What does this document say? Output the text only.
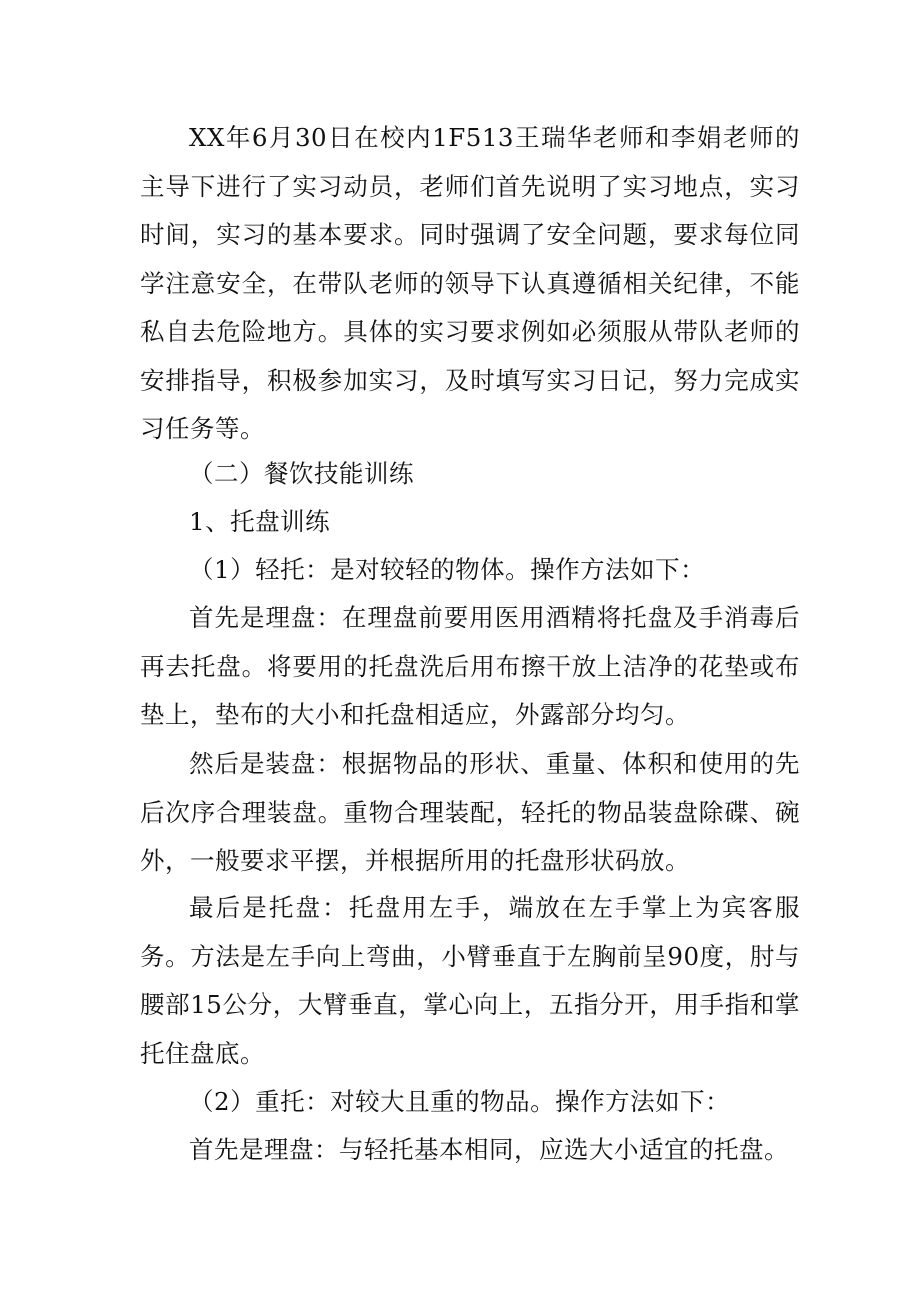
XX年6月30日在校内1F513王瑞华老师和李娟老师的主导下进行了实习动员，老师们首先说明了实习地点，实习时间，实习的基本要求。同时强调了安全问题，要求每位同学注意安全，在带队老师的领导下认真遵循相关纪律，不能私自去危险地方。具体的实习要求例如必须服从带队老师的安排指导，积极参加实习，及时填写实习日记，努力完成实习任务等。

（二）餐饮技能训练

1、托盘训练

（1）轻托：是对较轻的物体。操作方法如下：

首先是理盘：在理盘前要用医用酒精将托盘及手消毒后再去托盘。将要用的托盘洗后用布擦干放上洁净的花垫或布垫上，垫布的大小和托盘相适应，外露部分均匀。

然后是装盘：根据物品的形状、重量、体积和使用的先后次序合理装盘。重物合理装配，轻托的物品装盘除碟、碗外，一般要求平摆，并根据所用的托盘形状码放。

最后是托盘：托盘用左手，端放在左手掌上为宾客服务。方法是左手向上弯曲，小臂垂直于左胸前呈90度，肘与腰部15公分，大臂垂直，掌心向上，五指分开，用手指和掌托住盘底。

（2）重托：对较大且重的物品。操作方法如下：

首先是理盘：与轻托基本相同，应选大小适宜的托盘。
